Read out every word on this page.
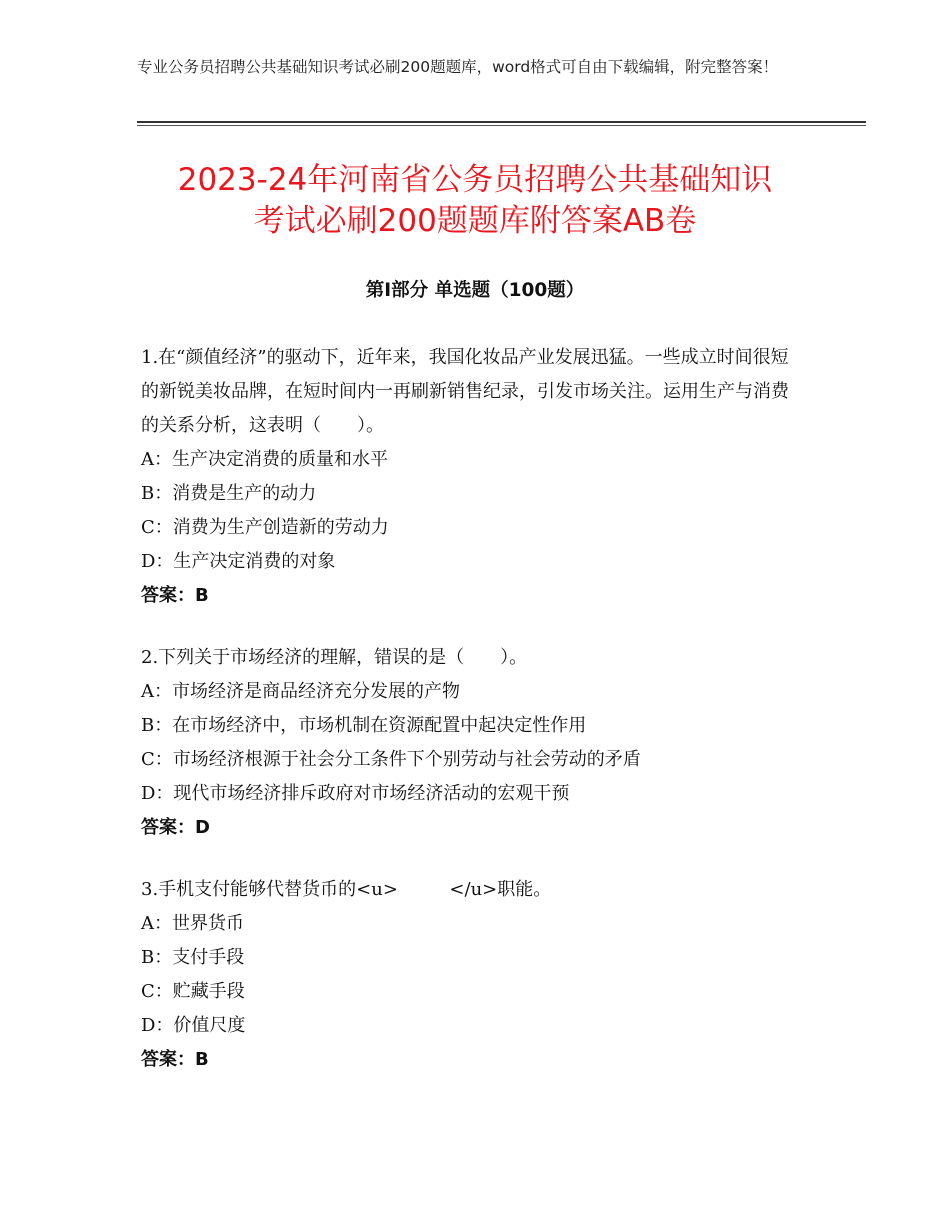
专业公务员招聘公共基础知识考试必刷200题题库，word格式可自由下载编辑，附完整答案！
2023-24年河南省公务员招聘公共基础知识
考试必刷200题题库附答案AB卷
第Ⅰ部分 单选题（100题）
1.在“颜值经济”的驱动下，近年来，我国化妆品产业发展迅猛。一些成立时间很短的新锐美妆品牌，在短时间内一再刷新销售纪录，引发市场关注。运用生产与消费的关系分析，这表明（　　）。
A：生产决定消费的质量和水平
B：消费是生产的动力
C：消费为生产创造新的劳动力
D：生产决定消费的对象
答案：B
2.下列关于市场经济的理解，错误的是（　　）。
A：市场经济是商品经济充分发展的产物
B：在市场经济中，市场机制在资源配置中起决定性作用
C：市场经济根源于社会分工条件下个别劳动与社会劳动的矛盾
D：现代市场经济排斥政府对市场经济活动的宏观干预
答案：D
3.手机支付能够代替货币的<u>         </u>职能。
A：世界货币
B：支付手段
C：贮藏手段
D：价值尺度
答案：B
